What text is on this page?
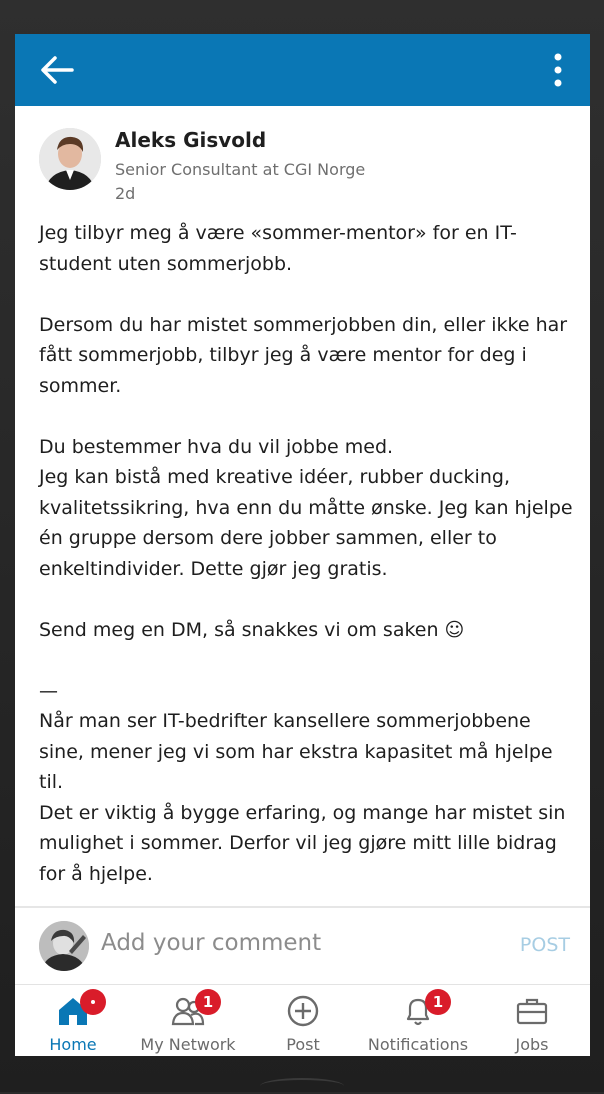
Aleks Gisvold
Senior Consultant at CGI Norge
2d

Jeg tilbyr meg å være «sommer-mentor» for en IT-student uten sommerjobb.

Dersom du har mistet sommerjobben din, eller ikke har fått sommerjobb, tilbyr jeg å være mentor for deg i sommer.

Du bestemmer hva du vil jobbe med.

Jeg kan bistå med kreative idéer, rubber ducking, kvalitetssikring, hva enn du måtte ønske. Jeg kan hjelpe én gruppe dersom dere jobber sammen, eller to enkeltindivider. Dette gjør jeg gratis.

Send meg en DM, så snakkes vi om saken ☺

—

Når man ser IT-bedrifter kansellere sommerjobbene sine, mener jeg vi som har ekstra kapasitet må hjelpe til.

Det er viktig å bygge erfaring, og mange har mistet sin mulighet i sommer. Derfor vil jeg gjøre mitt lille bidrag for å hjelpe.

Add your comment	POST
Home
1
My Network	Post
1
Notifications	Jobs
